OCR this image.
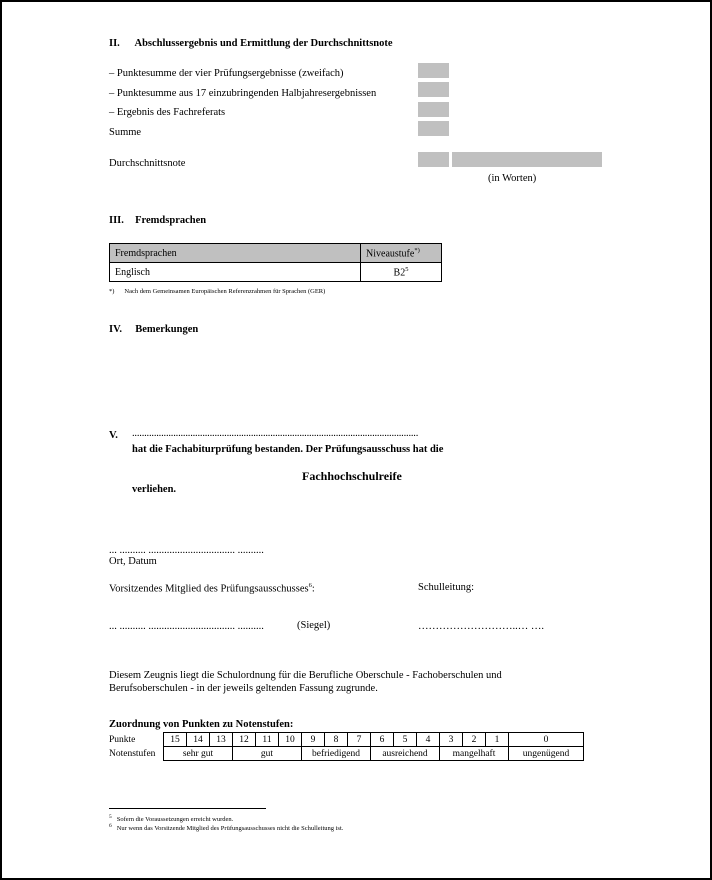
II. Abschlussergebnis und Ermittlung der Durchschnittsnote
– Punktesumme der vier Prüfungsergebnisse (zweifach)
– Punktesumme aus 17 einzubringenden Halbjahresergebnissen
– Ergebnis des Fachreferats
Summe
Durchschnittsnote
(in Worten)
III. Fremdsprachen
Fremdsprachen	Niveaustufe*)
Englisch	$B2^5$
*) Nach dem Gemeinsamen Europäischen Referenzrahmen für Sprachen (GER)
IV. Bemerkungen
V. ......................................................................................................................
hat die Fachabiturprüfung bestanden. Der Prüfungsausschuss hat die
Fachhochschulreife
verliehen.
... .......... ................................. ..........
Ort, Datum
Vorsitzendes Mitglied des Prüfungsausschusses$^6$:	Schulleitung:
... .......... ................................. ..........	(Siegel)	………………………..… ….
Diesem Zeugnis liegt die Schulordnung für die Berufliche Oberschule - Fachoberschulen und
Berufsoberschulen - in der jeweils geltenden Fassung zugrunde.
Zuordnung von Punkten zu Notenstufen:
Punkte	15	14	13	12	11	10	9	8	7	6	5	4	3	2	1	0
Notenstufen	sehr gut			gut			befriedigend			ausreichend			mangelhaft			ungenügend
$^5$ Sofern die Voraussetzungen erreicht wurden.
$^6$ Nur wenn das Vorsitzende Mitglied des Prüfungsausschusses nicht die Schulleitung ist.
